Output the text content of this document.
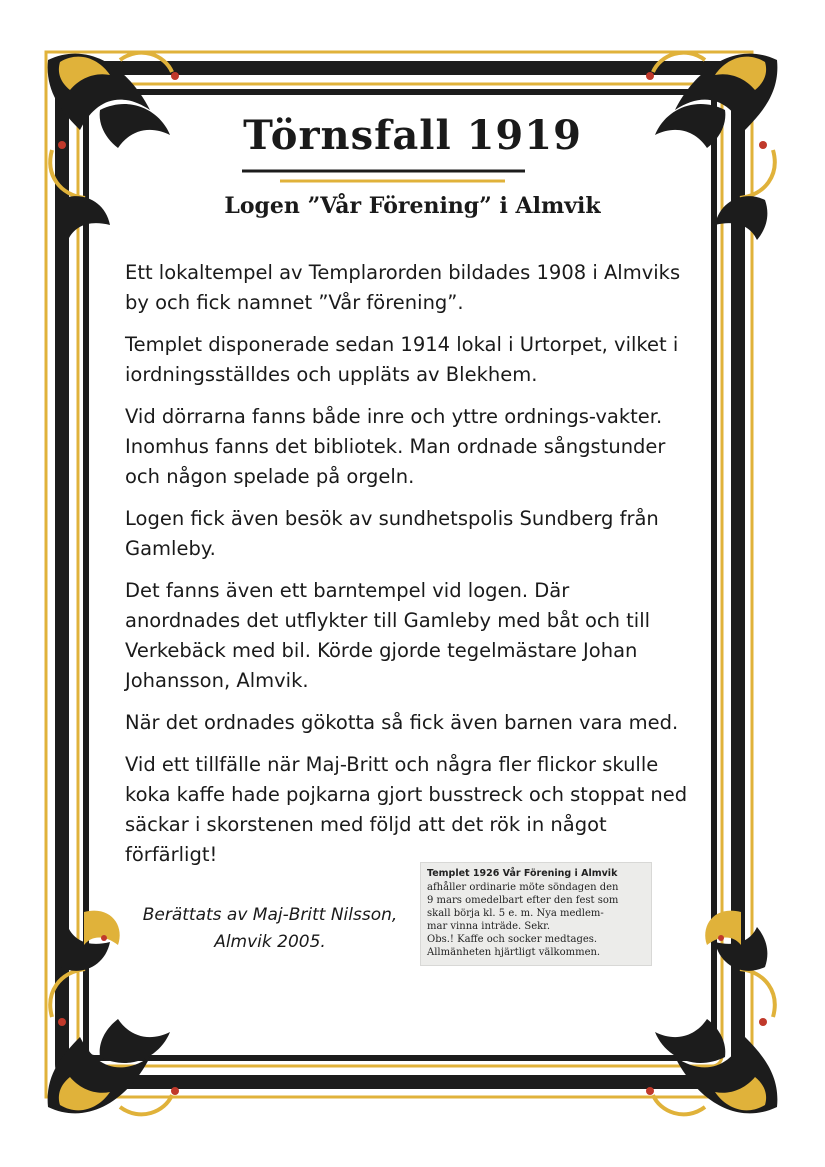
Törnsfall 1919
Logen ”Vår Förening” i Almvik

Ett lokaltempel av Templarorden bildades 1908 i Almviks by och fick namnet ”Vår förening”.

Templet disponerade sedan 1914 lokal i Urtorpet, vilket i iordningsställdes och uppläts av Blekhem.

Vid dörrarna fanns både inre och yttre ordnings-vakter. Inomhus fanns det bibliotek. Man ordnade sångstunder och någon spelade på orgeln.

Logen fick även besök av sundhetspolis Sundberg från Gamleby.

Det fanns även ett barntempel vid logen. Där anordnades det utflykter till Gamleby med båt och till Verkebäck med bil. Körde gjorde tegelmästare Johan Johansson, Almvik.

När det ordnades gökotta så fick även barnen vara med.

Vid ett tillfälle när Maj-Britt och några fler flickor skulle koka kaffe hade pojkarna gjort busstreck och stoppat ned säckar i skorstenen med följd att det rök in något förfärligt!

Berättats av Maj-Britt Nilsson,
Almvik 2005.
Templet 1926 Vår Förening i Almvik
afhåller ordinarie möte söndagen den
9 mars omedelbart efter den fest som
skall börja kl. 5 e. m. Nya medlem-
mar vinna inträde. Sekr.
Obs.! Kaffe och socker medtages.
Allmänheten hjärtligt välkommen.
